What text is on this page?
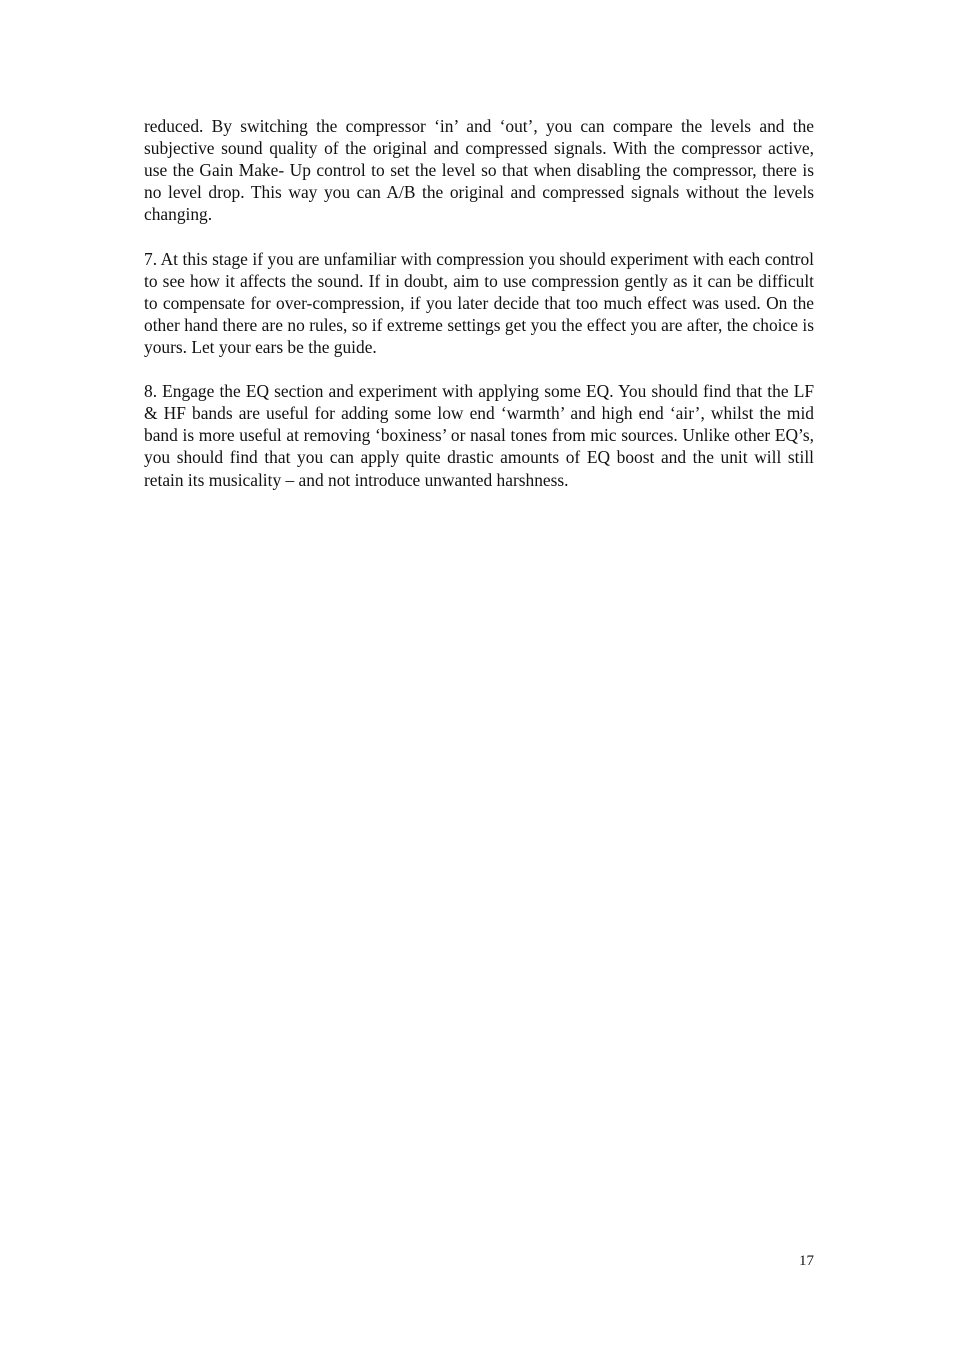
reduced. By switching the compressor ‘in’ and ‘out’, you can compare the levels and the subjective sound quality of the original and compressed signals. With the compressor active, use the Gain Make- Up control to set the level so that when disabling the compressor, there is no level drop. This way you can A/B the original and compressed signals without the levels changing.

7. At this stage if you are unfamiliar with compression you should experiment with each control to see how it affects the sound. If in doubt, aim to use compression gently as it can be difficult to compensate for over-compression, if you later decide that too much effect was used. On the other hand there are no rules, so if extreme settings get you the effect you are after, the choice is yours. Let your ears be the guide.

8. Engage the EQ section and experiment with applying some EQ. You should find that the LF & HF bands are useful for adding some low end ‘warmth’ and high end ‘air’, whilst the mid band is more useful at removing ‘boxiness’ or nasal tones from mic sources. Unlike other EQ’s, you should find that you can apply quite drastic amounts of EQ boost and the unit will still retain its musicality – and not introduce unwanted harshness.

17
